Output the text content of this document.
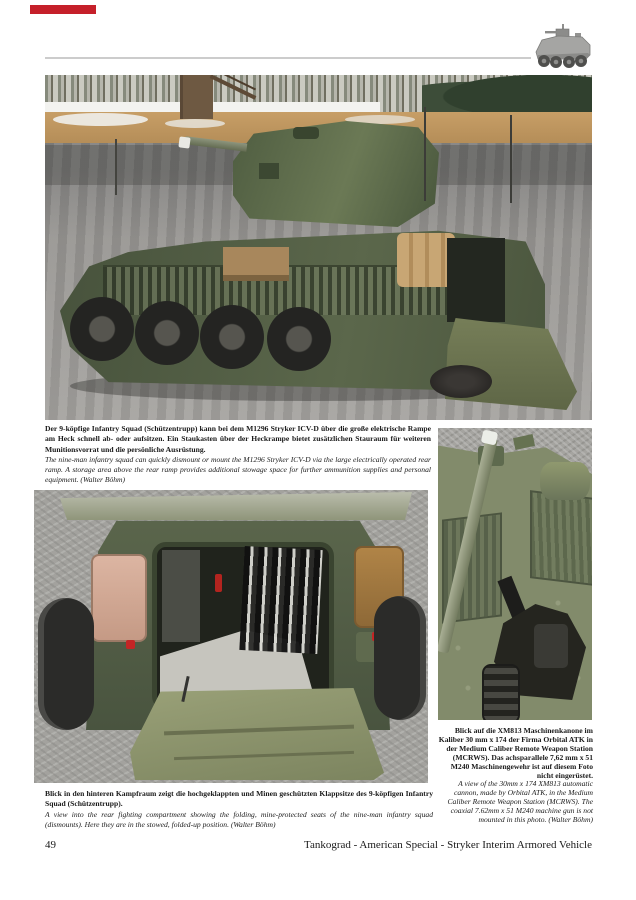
Der 9-köpfige Infantry Squad (Schützentrupp) kann bei dem M1296 Stryker ICV-D über die große elektrische Rampe am Heck schnell ab- oder aufsitzen. Ein Staukasten über der Heckrampe bietet zusätzlichen Stauraum für weiteren Munitionsvorrat und die persönliche Ausrüstung.
The nine-man infantry squad can quickly dismount or mount the M1296 Stryker ICV-D via the large electrically operated rear ramp. A storage area above the rear ramp provides additional stowage space for further ammunition supplies and personal equipment. (Walter Böhm)
Blick auf die XM813 Maschinenkanone im Kaliber 30 mm x 174 der Firma Orbital ATK in der Medium Caliber Remote Weapon Station (MCRWS). Das achsparallele 7,62 mm x 51 M240 Maschinengewehr ist auf diesem Foto nicht eingerüstet.
A view of the 30mm x 174 XM813 automatic cannon, made by Orbital ATK, in the Medium Caliber Remote Weapon Station (MCRWS). The coaxial 7.62mm x 51 M240 machine gun is not mounted in this photo. (Walter Böhm)
Blick in den hinteren Kampfraum zeigt die hochgeklappten und Minen geschützten Klappsitze des 9-köpfigen Infantry Squad (Schützentrupp).
A view into the rear fighting compartment showing the folding, mine-protected seats of the nine-man infantry squad (dismounts). Here they are in the stowed, folded-up position. (Walter Böhm)
49	Tankograd - American Special - Stryker Interim Armored Vehicle
